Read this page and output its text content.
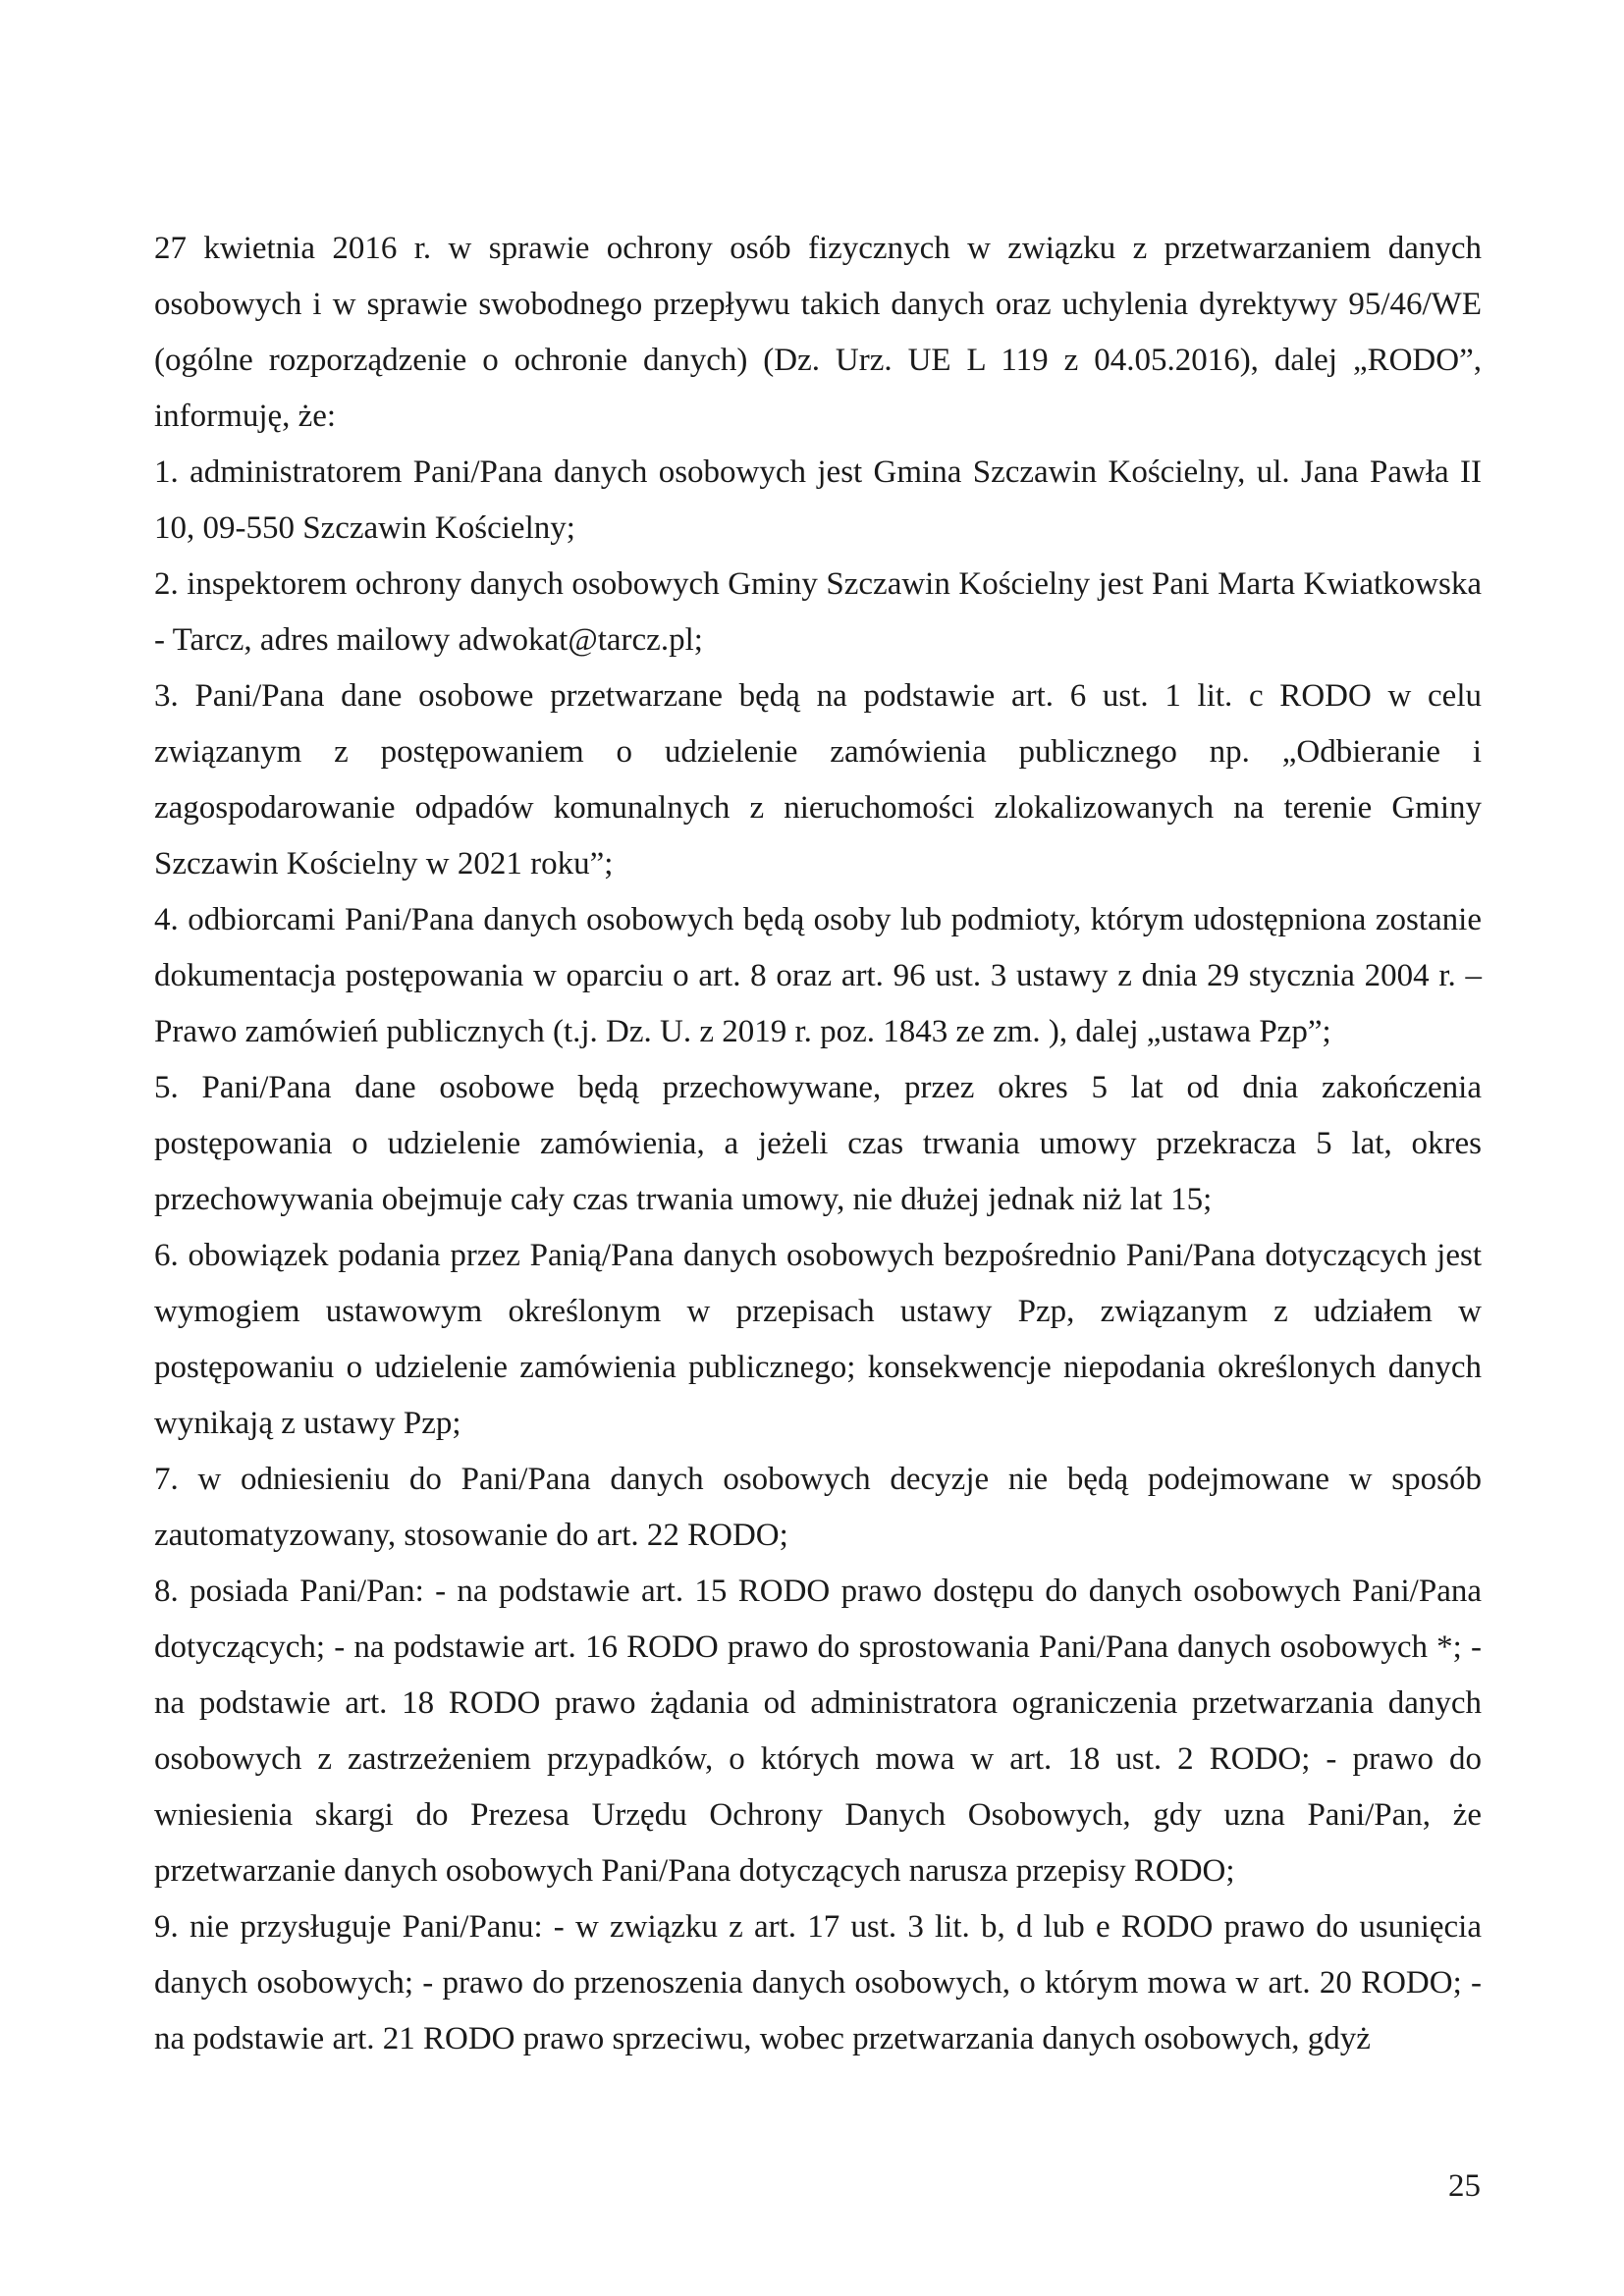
27 kwietnia 2016 r. w sprawie ochrony osób fizycznych w związku z przetwarzaniem danych osobowych i w sprawie swobodnego przepływu takich danych oraz uchylenia dyrektywy 95/46/WE (ogólne rozporządzenie o ochronie danych) (Dz. Urz. UE L 119 z 04.05.2016), dalej „RODO”, informuję, że:

1. administratorem Pani/Pana danych osobowych jest Gmina Szczawin Kościelny, ul. Jana Pawła II 10, 09-550 Szczawin Kościelny;

2. inspektorem ochrony danych osobowych Gminy Szczawin Kościelny jest Pani Marta Kwiatkowska - Tarcz, adres mailowy adwokat@tarcz.pl;

3. Pani/Pana dane osobowe przetwarzane będą na podstawie art. 6 ust. 1 lit. c RODO w celu związanym z postępowaniem o udzielenie zamówienia publicznego np. „Odbieranie i zagospodarowanie odpadów komunalnych z nieruchomości zlokalizowanych na terenie Gminy Szczawin Kościelny w 2021 roku”;

4. odbiorcami Pani/Pana danych osobowych będą osoby lub podmioty, którym udostępniona zostanie dokumentacja postępowania w oparciu o art. 8 oraz art. 96 ust. 3 ustawy z dnia 29 stycznia 2004 r. – Prawo zamówień publicznych (t.j. Dz. U. z 2019 r. poz. 1843 ze zm. ), dalej „ustawa Pzp”;

5. Pani/Pana dane osobowe będą przechowywane, przez okres 5 lat od dnia zakończenia postępowania o udzielenie zamówienia, a jeżeli czas trwania umowy przekracza 5 lat, okres przechowywania obejmuje cały czas trwania umowy, nie dłużej jednak niż lat 15;

6. obowiązek podania przez Panią/Pana danych osobowych bezpośrednio Pani/Pana dotyczących jest wymogiem ustawowym określonym w przepisach ustawy Pzp, związanym z udziałem w postępowaniu o udzielenie zamówienia publicznego; konsekwencje niepodania określonych danych wynikają z ustawy Pzp;

7. w odniesieniu do Pani/Pana danych osobowych decyzje nie będą podejmowane w sposób zautomatyzowany, stosowanie do art. 22 RODO;

8. posiada Pani/Pan: - na podstawie art. 15 RODO prawo dostępu do danych osobowych Pani/Pana dotyczących; - na podstawie art. 16 RODO prawo do sprostowania Pani/Pana danych osobowych *; - na podstawie art. 18 RODO prawo żądania od administratora ograniczenia przetwarzania danych osobowych z zastrzeżeniem przypadków, o których mowa w art. 18 ust. 2 RODO; - prawo do wniesienia skargi do Prezesa Urzędu Ochrony Danych Osobowych, gdy uzna Pani/Pan, że przetwarzanie danych osobowych Pani/Pana dotyczących narusza przepisy RODO;

9. nie przysługuje Pani/Panu: - w związku z art. 17 ust. 3 lit. b, d lub e RODO prawo do usunięcia danych osobowych; - prawo do przenoszenia danych osobowych, o którym mowa w art. 20 RODO; - na podstawie art. 21 RODO prawo sprzeciwu, wobec przetwarzania danych osobowych, gdyż

25
